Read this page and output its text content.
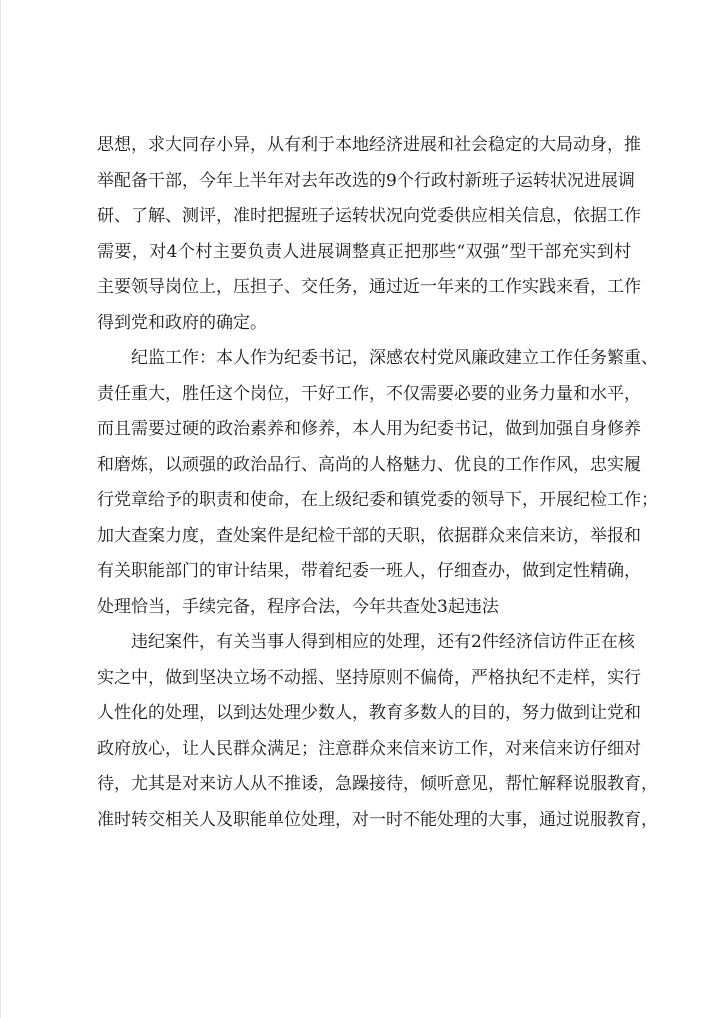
思想，求大同存小异，从有利于本地经济进展和社会稳定的大局动身，推
举配备干部，今年上半年对去年改选的9个行政村新班子运转状况进展调
研、了解、测评，准时把握班子运转状况向党委供应相关信息，依据工作
需要，对4个村主要负责人进展调整真正把那些“双强”型干部充实到村
主要领导岗位上，压担子、交任务，通过近一年来的工作实践来看，工作
得到党和政府的确定。
纪监工作：本人作为纪委书记，深感农村党风廉政建立工作任务繁重、
责任重大，胜任这个岗位，干好工作，不仅需要必要的业务力量和水平，
而且需要过硬的政治素养和修养，本人用为纪委书记，做到加强自身修养
和磨炼，以顽强的政治品行、高尚的人格魅力、优良的工作作风，忠实履
行党章给予的职责和使命，在上级纪委和镇党委的领导下，开展纪检工作；
加大查案力度，查处案件是纪检干部的天职，依据群众来信来访，举报和
有关职能部门的审计结果，带着纪委一班人，仔细查办，做到定性精确，
处理恰当，手续完备，程序合法，今年共查处3起违法
违纪案件，有关当事人得到相应的处理，还有2件经济信访件正在核
实之中，做到坚决立场不动摇、坚持原则不偏倚，严格执纪不走样，实行
人性化的处理，以到达处理少数人，教育多数人的目的，努力做到让党和
政府放心，让人民群众满足；注意群众来信来访工作，对来信来访仔细对
待，尤其是对来访人从不推诿，急躁接待，倾听意见，帮忙解释说服教育，
准时转交相关人及职能单位处理，对一时不能处理的大事，通过说服教育，
